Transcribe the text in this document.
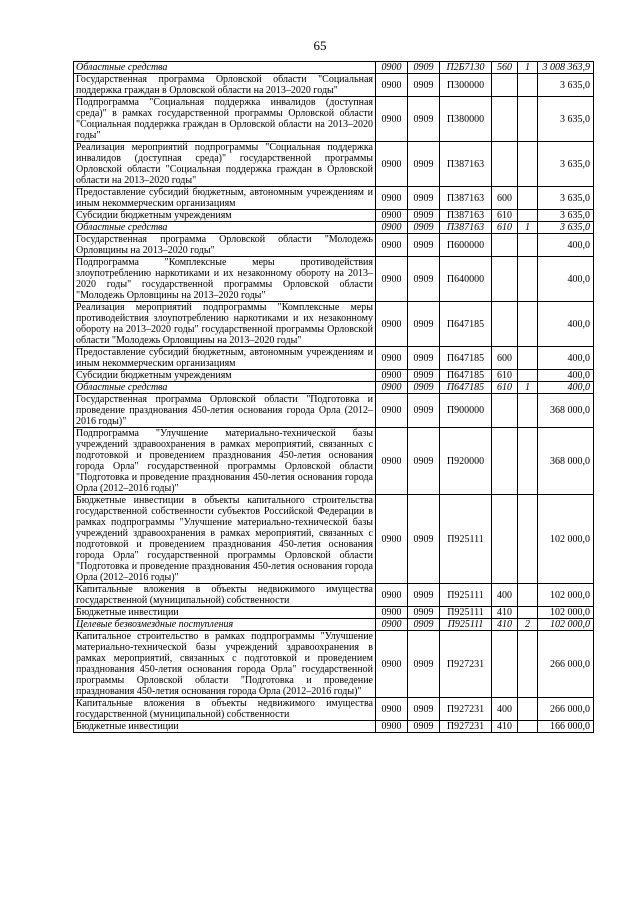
65
Областные средства	0900	0909	П2Б7130	560	1	3 008 363,9
Государственная программа Орловской области "Социальная поддержка граждан в Орловской области на 2013–2020 годы"	0900	0909	П300000			3 635,0
Подпрограмма "Социальная поддержка инвалидов (доступная среда)" в рамках государственной программы Орловской области "Социальная поддержка граждан в Орловской области на 2013–2020 годы"	0900	0909	П380000			3 635,0
Реализация мероприятий подпрограммы "Социальная поддержка инвалидов (доступная среда)" государственной программы Орловской области "Социальная поддержка граждан в Орловской области на 2013–2020 годы"	0900	0909	П387163			3 635,0
Предоставление субсидий бюджетным, автономным учреждениям и иным некоммерческим организациям	0900	0909	П387163	600		3 635,0
Субсидии бюджетным учреждениям	0900	0909	П387163	610		3 635,0
Областные средства	0900	0909	П387163	610	1	3 635,0
Государственная программа Орловской области "Молодежь Орловщины на 2013–2020 годы"	0900	0909	П600000			400,0
Подпрограмма "Комплексные меры противодействия злоупотреблению наркотиками и их незаконному обороту на 2013–2020 годы" государственной программы Орловской области "Молодежь Орловщины на 2013–2020 годы"	0900	0909	П640000			400,0
Реализация мероприятий подпрограммы "Комплексные меры противодействия злоупотреблению наркотиками и их незаконному обороту на 2013–2020 годы" государственной программы Орловской области "Молодежь Орловщины на 2013–2020 годы"	0900	0909	П647185			400,0
Предоставление субсидий бюджетным, автономным учреждениям и иным некоммерческим организациям	0900	0909	П647185	600		400,0
Субсидии бюджетным учреждениям	0900	0909	П647185	610		400,0
Областные средства	0900	0909	П647185	610	1	400,0
Государственная программа Орловской области "Подготовка и проведение празднования 450-летия основания города Орла (2012–2016 годы)"	0900	0909	П900000			368 000,0
Подпрограмма "Улучшение материально-технической базы учреждений здравоохранения в рамках мероприятий, связанных с подготовкой и проведением празднования 450-летия основания города Орла" государственной программы Орловской области "Подготовка и проведение празднования 450-летия основания города Орла (2012–2016 годы)"	0900	0909	П920000			368 000,0
Бюджетные инвестиции в объекты капитального строительства государственной собственности субъектов Российской Федерации в рамках подпрограммы "Улучшение материально-технической базы учреждений здравоохранения в рамках мероприятий, связанных с подготовкой и проведением празднования 450-летия основания города Орла" государственной программы Орловской области "Подготовка и проведение празднования 450-летия основания города Орла (2012–2016 годы)"	0900	0909	П925111			102 000,0
Капитальные вложения в объекты недвижимого имущества государственной (муниципальной) собственности	0900	0909	П925111	400		102 000,0
Бюджетные инвестиции	0900	0909	П925111	410		102 000,0
Целевые безвозмездные поступления	0900	0909	П925111	410	2	102 000,0
Капитальное строительство в рамках подпрограммы "Улучшение материально-технической базы учреждений здравоохранения в рамках мероприятий, связанных с подготовкой и проведением празднования 450-летия основания города Орла" государственной программы Орловской области "Подготовка и проведение празднования 450-летия основания города Орла (2012–2016 годы)"	0900	0909	П927231			266 000,0
Капитальные вложения в объекты недвижимого имущества государственной (муниципальной) собственности	0900	0909	П927231	400		266 000,0
Бюджетные инвестиции	0900	0909	П927231	410		166 000,0
